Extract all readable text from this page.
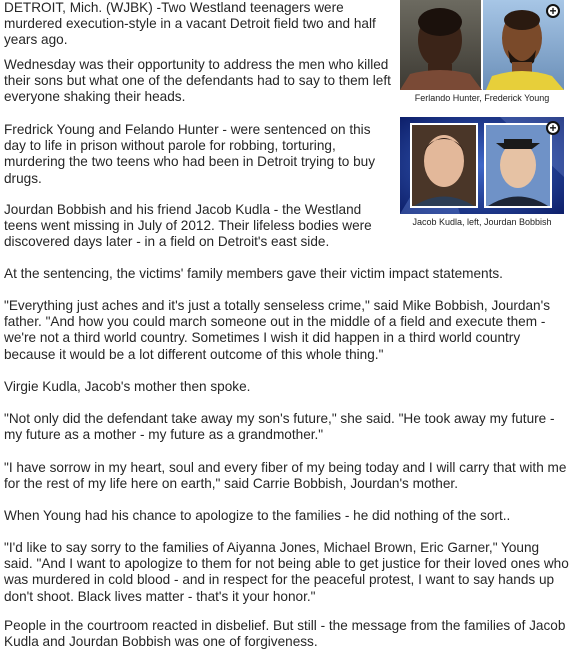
DETROIT, Mich. (WJBK) -Two Westland teenagers were murdered execution-style in a vacant Detroit field two and half years ago.

Wednesday was their opportunity to address the men who killed their sons but what one of the defendants had to say to them left everyone shaking their heads.

Fredrick Young and Felando Hunter - were sentenced on this day to life in prison without parole for robbing, torturing, murdering the two teens who had been in Detroit trying to buy drugs.

Jourdan Bobbish and his friend Jacob Kudla - the Westland teens went missing in July of 2012. Their lifeless bodies were discovered days later - in a field on Detroit's east side.

At the sentencing, the victims' family members gave their victim impact statements.

"Everything just aches and it's just a totally senseless crime," said Mike Bobbish, Jourdan's father. "And how you could march someone out in the middle of a field and execute them - we're not a third world country. Sometimes I wish it did happen in a third world country because it would be a lot different outcome of this whole thing."

Virgie Kudla, Jacob's mother then spoke.

"Not only did the defendant take away my son's future," she said. "He took away my future - my future as a mother - my future as a grandmother."

"I have sorrow in my heart, soul and every fiber of my being today and I will carry that with me for the rest of my life here on earth," said Carrie Bobbish, Jourdan's mother.

When Young had his chance to apologize to the families - he did nothing of the sort..

"I'd like to say sorry to the families of Aiyanna Jones, Michael Brown, Eric Garner," Young said. "And I want to apologize to them for not being able to get justice for their loved ones who was murdered in cold blood - and in respect for the peaceful protest, I want to say hands up don't shoot. Black lives matter - that's it your honor."

People in the courtroom reacted in disbelief. But still - the message from the families of Jacob Kudla and Jourdan Bobbish was one of forgiveness.

+
Ferlando Hunter, Frederick Young
+
Jacob Kudla, left, Jourdan Bobbish
